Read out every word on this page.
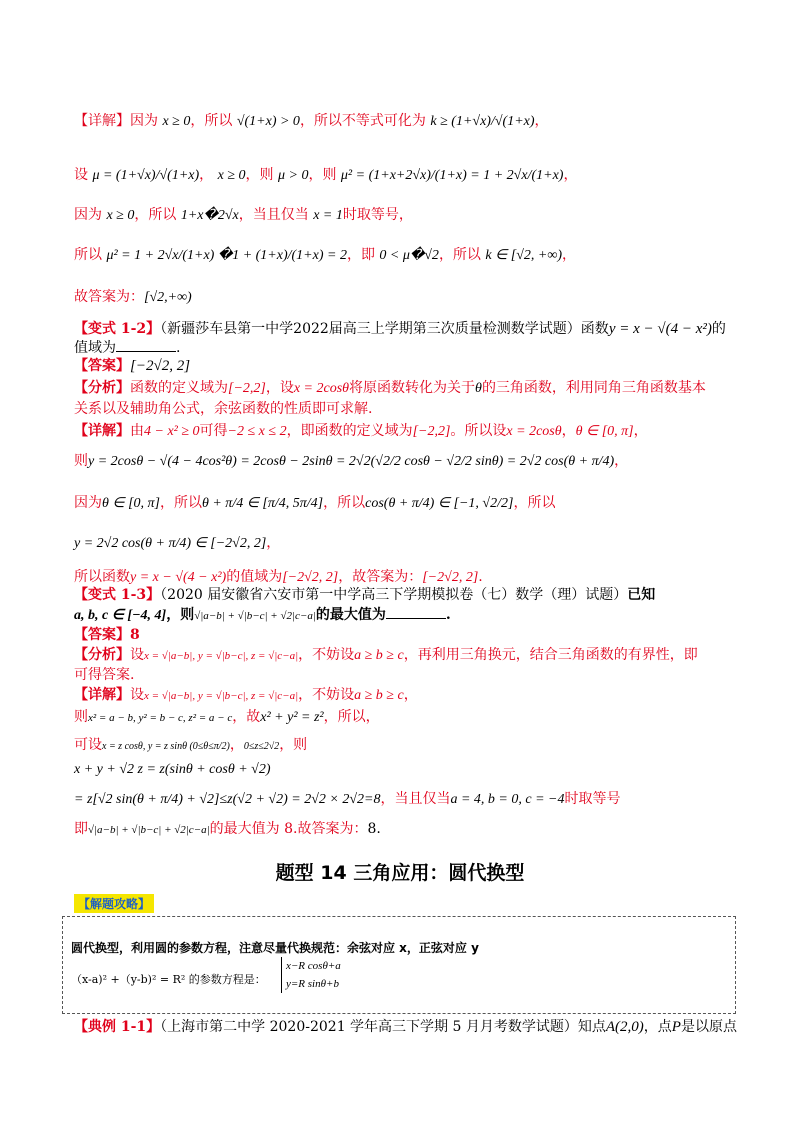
【详解】因为 x ≥ 0，所以 √(1+x) > 0，所以不等式可化为 k ≥ (1+√x)/√(1+x)，
设 μ = (1+√x)/√(1+x)， x ≥ 0，则 μ > 0，则 μ² = (1+x+2√x)/(1+x) = 1 + 2√x/(1+x)，
因为 x ≥ 0，所以 1+x�2√x，当且仅当 x = 1时取等号，
所以 μ² = 1 + 2√x/(1+x) �1 + (1+x)/(1+x) = 2，即 0 < μ�√2，所以 k ∈ [√2, +∞)，
故答案为：[√2,+∞)
【变式 1-2】（新疆莎车县第一中学2022届高三上学期第三次质量检测数学试题）函数y = x − √(4 − x²)的
值域为	.
【答案】[−2√2, 2]
【分析】函数的定义域为[−2,2]，设x = 2cosθ将原函数转化为关于θ的三角函数，利用同角三角函数基本
关系以及辅助角公式，余弦函数的性质即可求解.
【详解】由4 − x² ≥ 0可得−2 ≤ x ≤ 2，即函数的定义域为[−2,2]。所以设x = 2cosθ，θ ∈ [0, π]，
则y = 2cosθ − √(4 − 4cos²θ) = 2cosθ − 2sinθ = 2√2(√2/2 cosθ − √2/2 sinθ) = 2√2 cos(θ + π/4)，
因为θ ∈ [0, π]，所以θ + π/4 ∈ [π/4, 5π/4]，所以cos(θ + π/4) ∈ [−1, √2/2]，所以
y = 2√2 cos(θ + π/4) ∈ [−2√2, 2]，
所以函数y = x − √(4 − x²)的值域为[−2√2, 2]，故答案为：[−2√2, 2].
【变式 1-3】（2020 届安徽省六安市第一中学高三下学期模拟卷（七）数学（理）试题）已知
a, b, c ∈ [−4, 4]，则√|a−b| + √|b−c| + √2|c−a|的最大值为	.
【答案】8
【分析】设x = √|a−b|, y = √|b−c|, z = √|c−a|，不妨设a ≥ b ≥ c，再利用三角换元，结合三角函数的有界性，即
可得答案.
【详解】设x = √|a−b|, y = √|b−c|, z = √|c−a|，不妨设a ≥ b ≥ c，
则x² = a − b, y² = b − c, z² = a − c，故x² + y² = z²，所以，
可设x = z cosθ, y = z sinθ (0≤θ≤π/2)，0≤z≤2√2，则
x + y + √2 z = z(sinθ + cosθ + √2)
= z[√2 sin(θ + π/4) + √2]≤z(√2 + √2) = 2√2 × 2√2=8，当且仅当a = 4, b = 0, c = −4时取等号
即√|a−b| + √|b−c| + √2|c−a|的最大值为 8.故答案为：8.
题型 14 三角应用：圆代换型
【解题攻略】
圆代换型，利用圆的参数方程，注意尽量代换规范：余弦对应 x，正弦对应 y
（x-a)² +（y-b)² = R² 的参数方程是：
x−R cosθ+a
y=R sinθ+b
【典例 1-1】（上海市第二中学 2020-2021 学年高三下学期 5 月月考数学试题）知点A(2,0)，点P是以原点
